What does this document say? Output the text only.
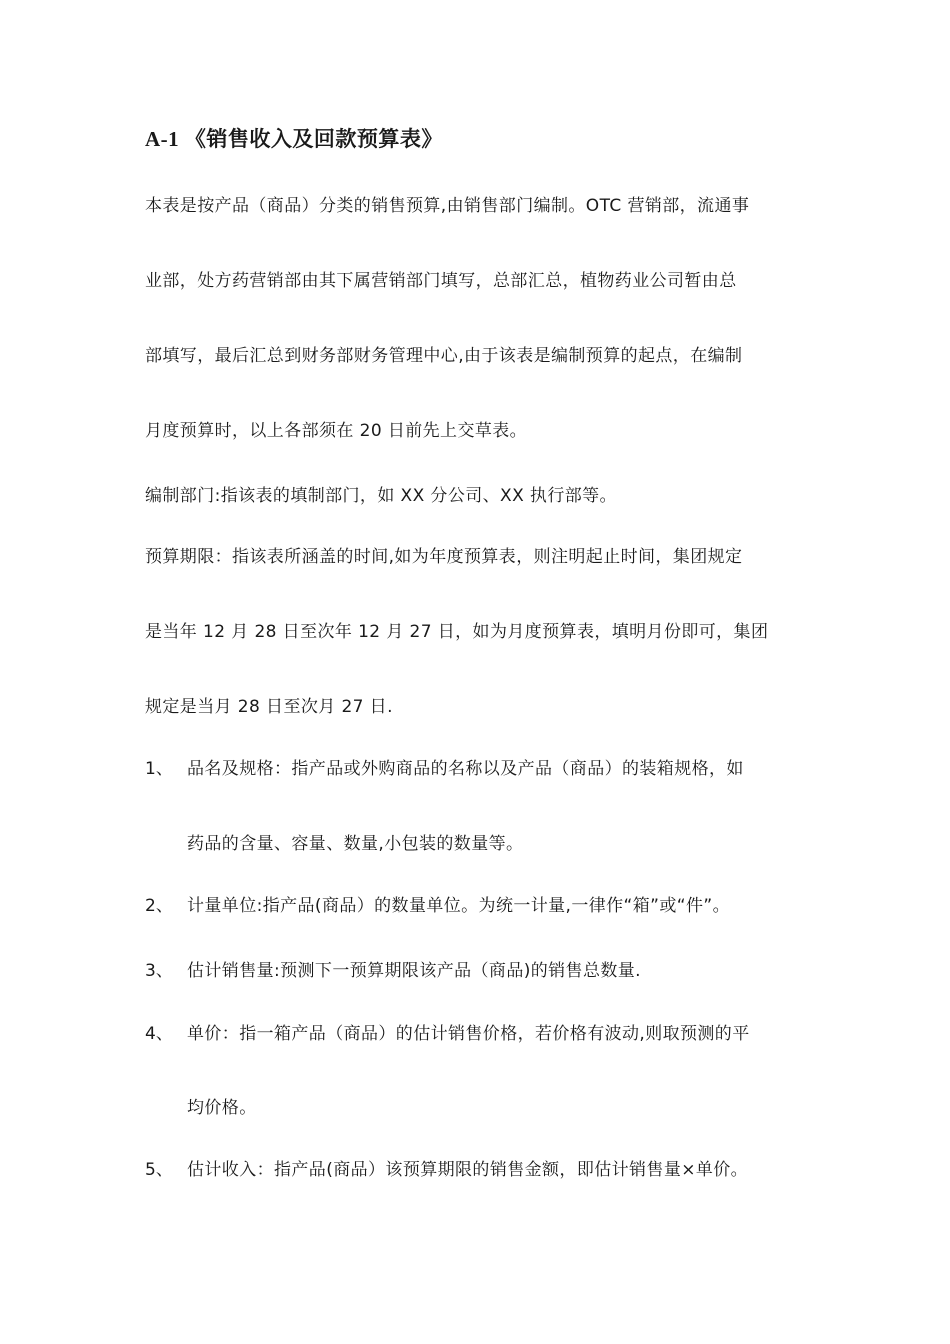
A-1 《销售收入及回款预算表》
本表是按产品（商品）分类的销售预算,由销售部门编制。OTC 营销部，流通事
业部，处方药营销部由其下属营销部门填写，总部汇总，植物药业公司暂由总
部填写，最后汇总到财务部财务管理中心,由于该表是编制预算的起点，在编制
月度预算时，以上各部须在 20 日前先上交草表。
编制部门:指该表的填制部门，如 XX 分公司、XX 执行部等。
预算期限：指该表所涵盖的时间,如为年度预算表，则注明起止时间，集团规定
是当年 12 月 28 日至次年 12 月 27 日，如为月度预算表，填明月份即可，集团
规定是当月 28 日至次月 27 日.
1、 品名及规格：指产品或外购商品的名称以及产品（商品）的装箱规格，如
药品的含量、容量、数量,小包装的数量等。
2、 计量单位:指产品(商品）的数量单位。为统一计量,一律作“箱”或“件”。
3、 估计销售量:预测下一预算期限该产品（商品)的销售总数量.
4、 单价：指一箱产品（商品）的估计销售价格，若价格有波动,则取预测的平
均价格。
5、 估计收入：指产品(商品）该预算期限的销售金额，即估计销售量×单价。
